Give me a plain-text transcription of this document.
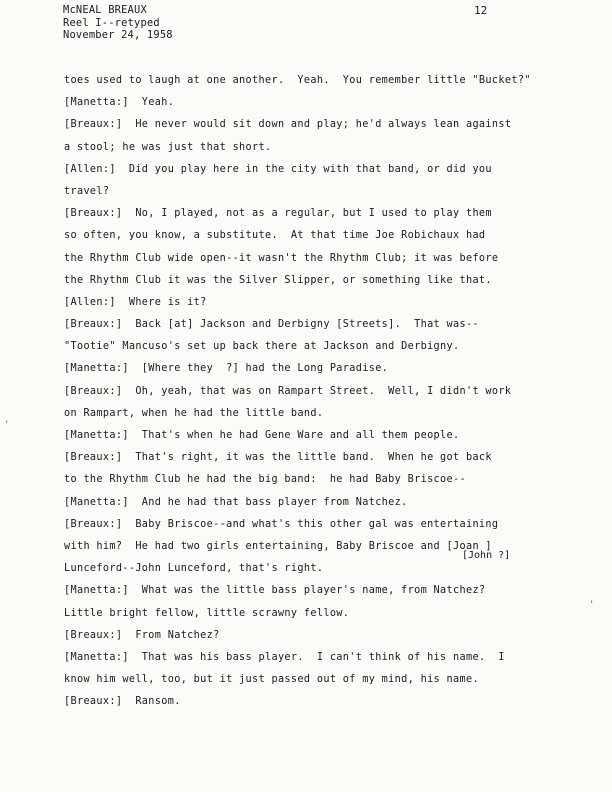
McNEAL BREAUX
Reel I--retyped
November 24, 1958
12
toes used to laugh at one another.  Yeah.  You remember little "Bucket?"
[Manetta:]  Yeah.
[Breaux:]  He never would sit down and play; he'd always lean against
a stool; he was just that short.
[Allen:]  Did you play here in the city with that band, or did you
travel?
[Breaux:]  No, I played, not as a regular, but I used to play them
so often, you know, a substitute.  At that time Joe Robichaux had
the Rhythm Club wide open--it wasn't the Rhythm Club; it was before
the Rhythm Club it was the Silver Slipper, or something like that.
[Allen:]  Where is it?
[Breaux:]  Back [at] Jackson and Derbigny [Streets].  That was--
"Tootie" Mancuso's set up back there at Jackson and Derbigny.
[Manetta:]  [Where they  ?] had the Long Paradise.
[Breaux:]  Oh, yeah, that was on Rampart Street.  Well, I didn't work
on Rampart, when he had the little band.
[Manetta:]  That's when he had Gene Ware and all them people.
[Breaux:]  That's right, it was the little band.  When he got back
to the Rhythm Club he had the big band:  he had Baby Briscoe--
[Manetta:]  And he had that bass player from Natchez.
[Breaux:]  Baby Briscoe--and what's this other gal was entertaining
with him?  He had two girls entertaining, Baby Briscoe and [Joan ]
Lunceford--John Lunceford, that's right.
[Manetta:]  What was the little bass player's name, from Natchez?
Little bright fellow, little scrawny fellow.
[Breaux:]  From Natchez?
[Manetta:]  That was his bass player.  I can't think of his name.  I
know him well, too, but it just passed out of my mind, his name.
[Breaux:]  Ransom.
[John ?]
'
'
